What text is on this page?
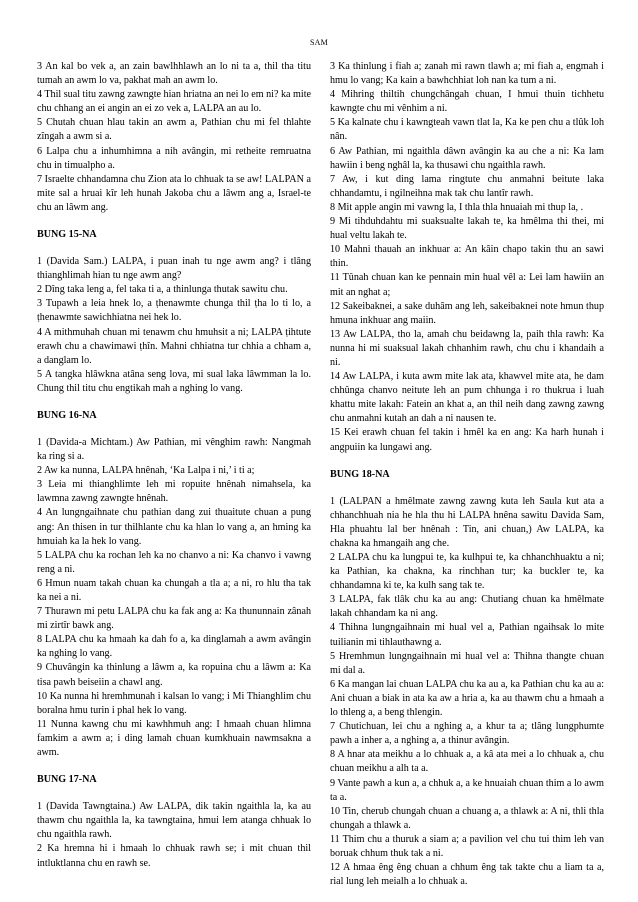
SAM

3 An kal bo vek a, an zain bawlhhlawh an lo ni ta a, thil tha titu tumah an awm lo va, pakhat mah an awm lo.

4 Thil sual titu zawng zawngte hian hriatna an nei lo em ni? ka mite chu chhang an ei angin an ei zo vek a, LALPA an au lo.

5 Chutah chuan hlau takin an awm a, Pathian chu mi fel thlahte zîngah a awm si a.

6 Lalpa chu a inhumhimna a nih avângin, mi retheite remruatna chu in timualpho a.

7 Israelte chhandamna chu Zion ata lo chhuak ta se aw! LALPAN a mite sal a hruai kîr leh hunah Jakoba chu a lâwm ang a, Israel-te chu an lâwm ang.

BUNG 15-NA

1 (Davida Sam.) LALPA, i puan inah tu nge awm ang? i tlâng thianghlimah hian tu nge awm ang?

2 Dîng taka leng a, fel taka ti a, a thinlunga thutak sawitu chu.

3 Tupawh a leia hnek lo, a ṭhenawmte chunga thil ṭha lo ti lo, a ṭhenawmte sawichhiatna nei hek lo.

4 A mithmuhah chuan mi tenawm chu hmuhsit a ni; LALPA ṭihtute erawh chu a chawimawi ṭhîn. Mahni chhiatna tur chhia a chham a, a danglam lo.

5 A tangka hlâwkna atâna seng lova, mi sual laka lâwmman la lo. Chung thil titu chu engtikah mah a nghing lo vang.

BUNG 16-NA

1 (Davida-a Michtam.) Aw Pathian, mi vênghim rawh: Nangmah ka ring si a.

2 Aw ka nunna, LALPA hnênah, ‘Ka Lalpa i ni,’ i ti a;

3 Leia mi thianghlimte leh mi ropuite hnênah nimahsela, ka lawmna zawng zawngte hnênah.

4 An lungngaihnate chu pathian dang zui thuaitute chuan a pung ang: An thisen in tur thilhlante chu ka hlan lo vang a, an hming ka hmuiah ka la hek lo vang.

5 LALPA chu ka rochan leh ka no chanvo a ni: Ka chanvo i vawng reng a ni.

6 Hmun nuam takah chuan ka chungah a tla a; a ni, ro hlu tha tak ka nei a ni.

7 Thurawn mi petu LALPA chu ka fak ang a: Ka thununnain zânah mi zirtîr bawk ang.

8 LALPA chu ka hmaah ka dah fo a, ka dinglamah a awm avângin ka nghing lo vang.

9 Chuvângin ka thinlung a lâwm a, ka ropuina chu a lâwm a: Ka tisa pawh beiseiin a chawl ang.

10 Ka nunna hi hremhmunah i kalsan lo vang; i Mi Thianghlim chu boralna hmu turin i phal hek lo vang.

11 Nunna kawng chu mi kawhhmuh ang: I hmaah chuan hlimna famkim a awm a; i ding lamah chuan kumkhuain nawmsakna a awm.

BUNG 17-NA

1 (Davida Tawngtaina.) Aw LALPA, dik takin ngaithla la, ka au thawm chu ngaithla la, ka tawngtaina, hmui lem atanga chhuak lo chu ngaithla rawh.

2 Ka hremna hi i hmaah lo chhuak rawh se; i mit chuan thil intluktlanna chu en rawh se.

3 Ka thinlung i fiah a; zanah mi rawn tlawh a; mi fiah a, engmah i hmu lo vang; Ka kain a bawhchhiat loh nan ka tum a ni.

4 Mihring thiltih chungchângah chuan, I hmui thuin tichhetu kawngte chu mi vênhim a ni.

5 Ka kalnate chu i kawngteah vawn tlat la, Ka ke pen chu a tlûk loh nân.

6 Aw Pathian, mi ngaithla dâwn avângin ka au che a ni: Ka lam hawiin i beng nghâl la, ka thusawi chu ngaithla rawh.

7 Aw, i kut ding lama ringtute chu anmahni beitute laka chhandamtu, i ngilneihna mak tak chu lantîr rawh.

8 Mit apple angin mi vawng la, I thla thla hnuaiah mi thup la, .

9 Mi tihduhdahtu mi suaksualte lakah te, ka hmêlma thi thei, mi hual veltu lakah te.

10 Mahni thauah an inkhuar a: An kâin chapo takin thu an sawi thin.

11 Tûnah chuan kan ke pennain min hual vêl a: Lei lam hawiin an mit an nghat a;

12 Sakeibaknei, a sake duhâm ang leh, sakeibaknei note hmun thup hmuna inkhuar ang maiin.

13 Aw LALPA, tho la, amah chu beidawng la, paih thla rawh: Ka nunna hi mi suaksual lakah chhanhim rawh, chu chu i khandaih a ni.

14 Aw LALPA, i kuta awm mite lak ata, khawvel mite ata, he dam chhûnga chanvo neitute leh an pum chhunga i ro thukrua i luah khattu mite lakah: Fatein an khat a, an thil neih dang zawng zawng chu anmahni kutah an dah a ni nausen te.

15 Kei erawh chuan fel takin i hmêl ka en ang: Ka harh hunah i angpuiin ka lungawi ang.

BUNG 18-NA

1 (LALPAN a hmêlmate zawng zawng kuta leh Saula kut ata a chhanchhuah nia he hla thu hi LALPA hnêna sawitu Davida Sam, Hla phuahtu lal ber hnênah : Tin, ani chuan,) Aw LALPA, ka chakna ka hmangaih ang che.

2 LALPA chu ka lungpui te, ka kulhpui te, ka chhanchhuaktu a ni; ka Pathian, ka chakna, ka rinchhan tur; ka buckler te, ka chhandamna ki te, ka kulh sang tak te.

3 LALPA, fak tlâk chu ka au ang: Chutiang chuan ka hmêlmate lakah chhandam ka ni ang.

4 Thihna lungngaihnain mi hual vel a, Pathian ngaihsak lo mite tuilianin mi tihlauthawng a.

5 Hremhmun lungngaihnain mi hual vel a: Thihna thangte chuan mi dal a.

6 Ka mangan lai chuan LALPA chu ka au a, ka Pathian chu ka au a: Ani chuan a biak in ata ka aw a hria a, ka au thawm chu a hmaah a lo thleng a, a beng thlengin.

7 Chutichuan, lei chu a nghing a, a khur ta a; tlâng lungphumte pawh a inher a, a nghing a, a thinur avângin.

8 A hnar ata meikhu a lo chhuak a, a kâ ata mei a lo chhuak a, chu chuan meikhu a alh ta a.

9 Vante pawh a kun a, a chhuk a, a ke hnuaiah chuan thim a lo awm ta a.

10 Tin, cherub chungah chuan a chuang a, a thlawk a: A ni, thli thla chungah a thlawk a.

11 Thim chu a thuruk a siam a; a pavilion vel chu tui thim leh van boruak chhum thuk tak a ni.

12 A hmaa êng êng chuan a chhum êng tak takte chu a liam ta a, rial lung leh meialh a lo chhuak a.
